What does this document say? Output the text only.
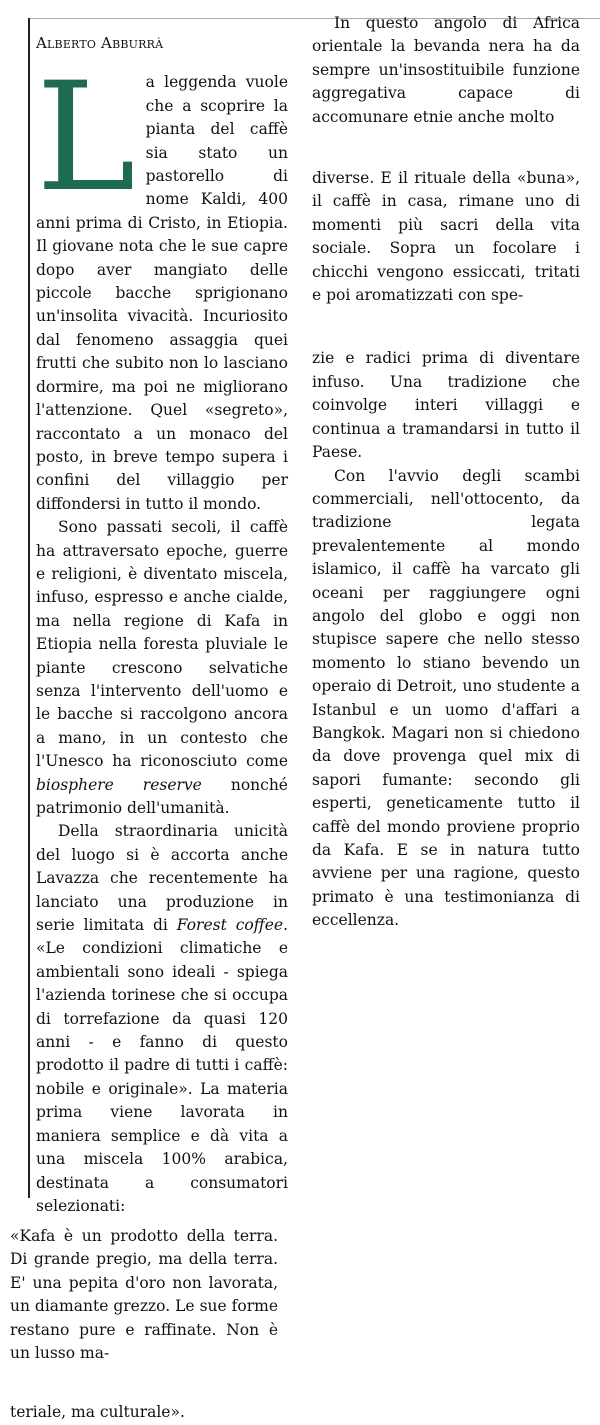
Alberto Abburrà

La leggenda vuole che a scoprire la pianta del caffè sia stato un pastorello di nome Kaldi, 400 anni prima di Cristo, in Etiopia. Il giovane nota che le sue capre dopo aver mangiato delle piccole bacche sprigionano un'insolita vivacità. Incuriosito dal fenomeno assaggia quei frutti che subito non lo lasciano dormire, ma poi ne migliorano l'attenzione. Quel «segreto», raccontato a un monaco del posto, in breve tempo supera i confini del villaggio per diffondersi in tutto il mondo.

Sono passati secoli, il caffè ha attraversato epoche, guerre e religioni, è diventato miscela, infuso, espresso e anche cialde, ma nella regione di Kafa in Etiopia nella foresta pluviale le piante crescono selvatiche senza l'intervento dell'uomo e le bacche si raccolgono ancora a mano, in un contesto che l'Unesco ha riconosciuto come biosphere reserve nonché patrimonio dell'umanità.

Della straordinaria unicità del luogo si è accorta anche Lavazza che recentemente ha lanciato una produzione in serie limitata di Forest coffee. «Le condizioni climatiche e ambientali sono ideali - spiega l'azienda torinese che si occupa di torrefazione da quasi 120 anni - e fanno di questo prodotto il padre di tutti i caffè: nobile e originale». La materia prima viene lavorata in maniera semplice e dà vita a una miscela 100% arabica, destinata a consumatori selezionati:

In questo angolo di Africa orientale la bevanda nera ha da sempre un'insostituibile funzione aggregativa capace di accomunare etnie anche molto

diverse. E il rituale della «buna», il caffè in casa, rimane uno di momenti più sacri della vita sociale. Sopra un focolare i chicchi vengono essiccati, tritati e poi aromatizzati con spe-

zie e radici prima di diventare infuso. Una tradizione che coinvolge interi villaggi e continua a tramandarsi in tutto il Paese.

Con l'avvio degli scambi commerciali, nell'ottocento, da tradizione legata prevalentemente al mondo islamico, il caffè ha varcato gli oceani per raggiungere ogni angolo del globo e oggi non stupisce sapere che nello stesso momento lo stiano bevendo un operaio di Detroit, uno studente a Istanbul e un uomo d'affari a Bangkok. Magari non si chiedono da dove provenga quel mix di sapori fumante: secondo gli esperti, geneticamente tutto il caffè del mondo proviene proprio da Kafa. E se in natura tutto avviene per una ragione, questo primato è una testimonianza di eccellenza.

«Kafa è un prodotto della terra. Di grande pregio, ma della terra. E' una pepita d'oro non lavorata, un diamante grezzo. Le sue forme restano pure e raffinate. Non è un lusso ma-

teriale, ma culturale».
